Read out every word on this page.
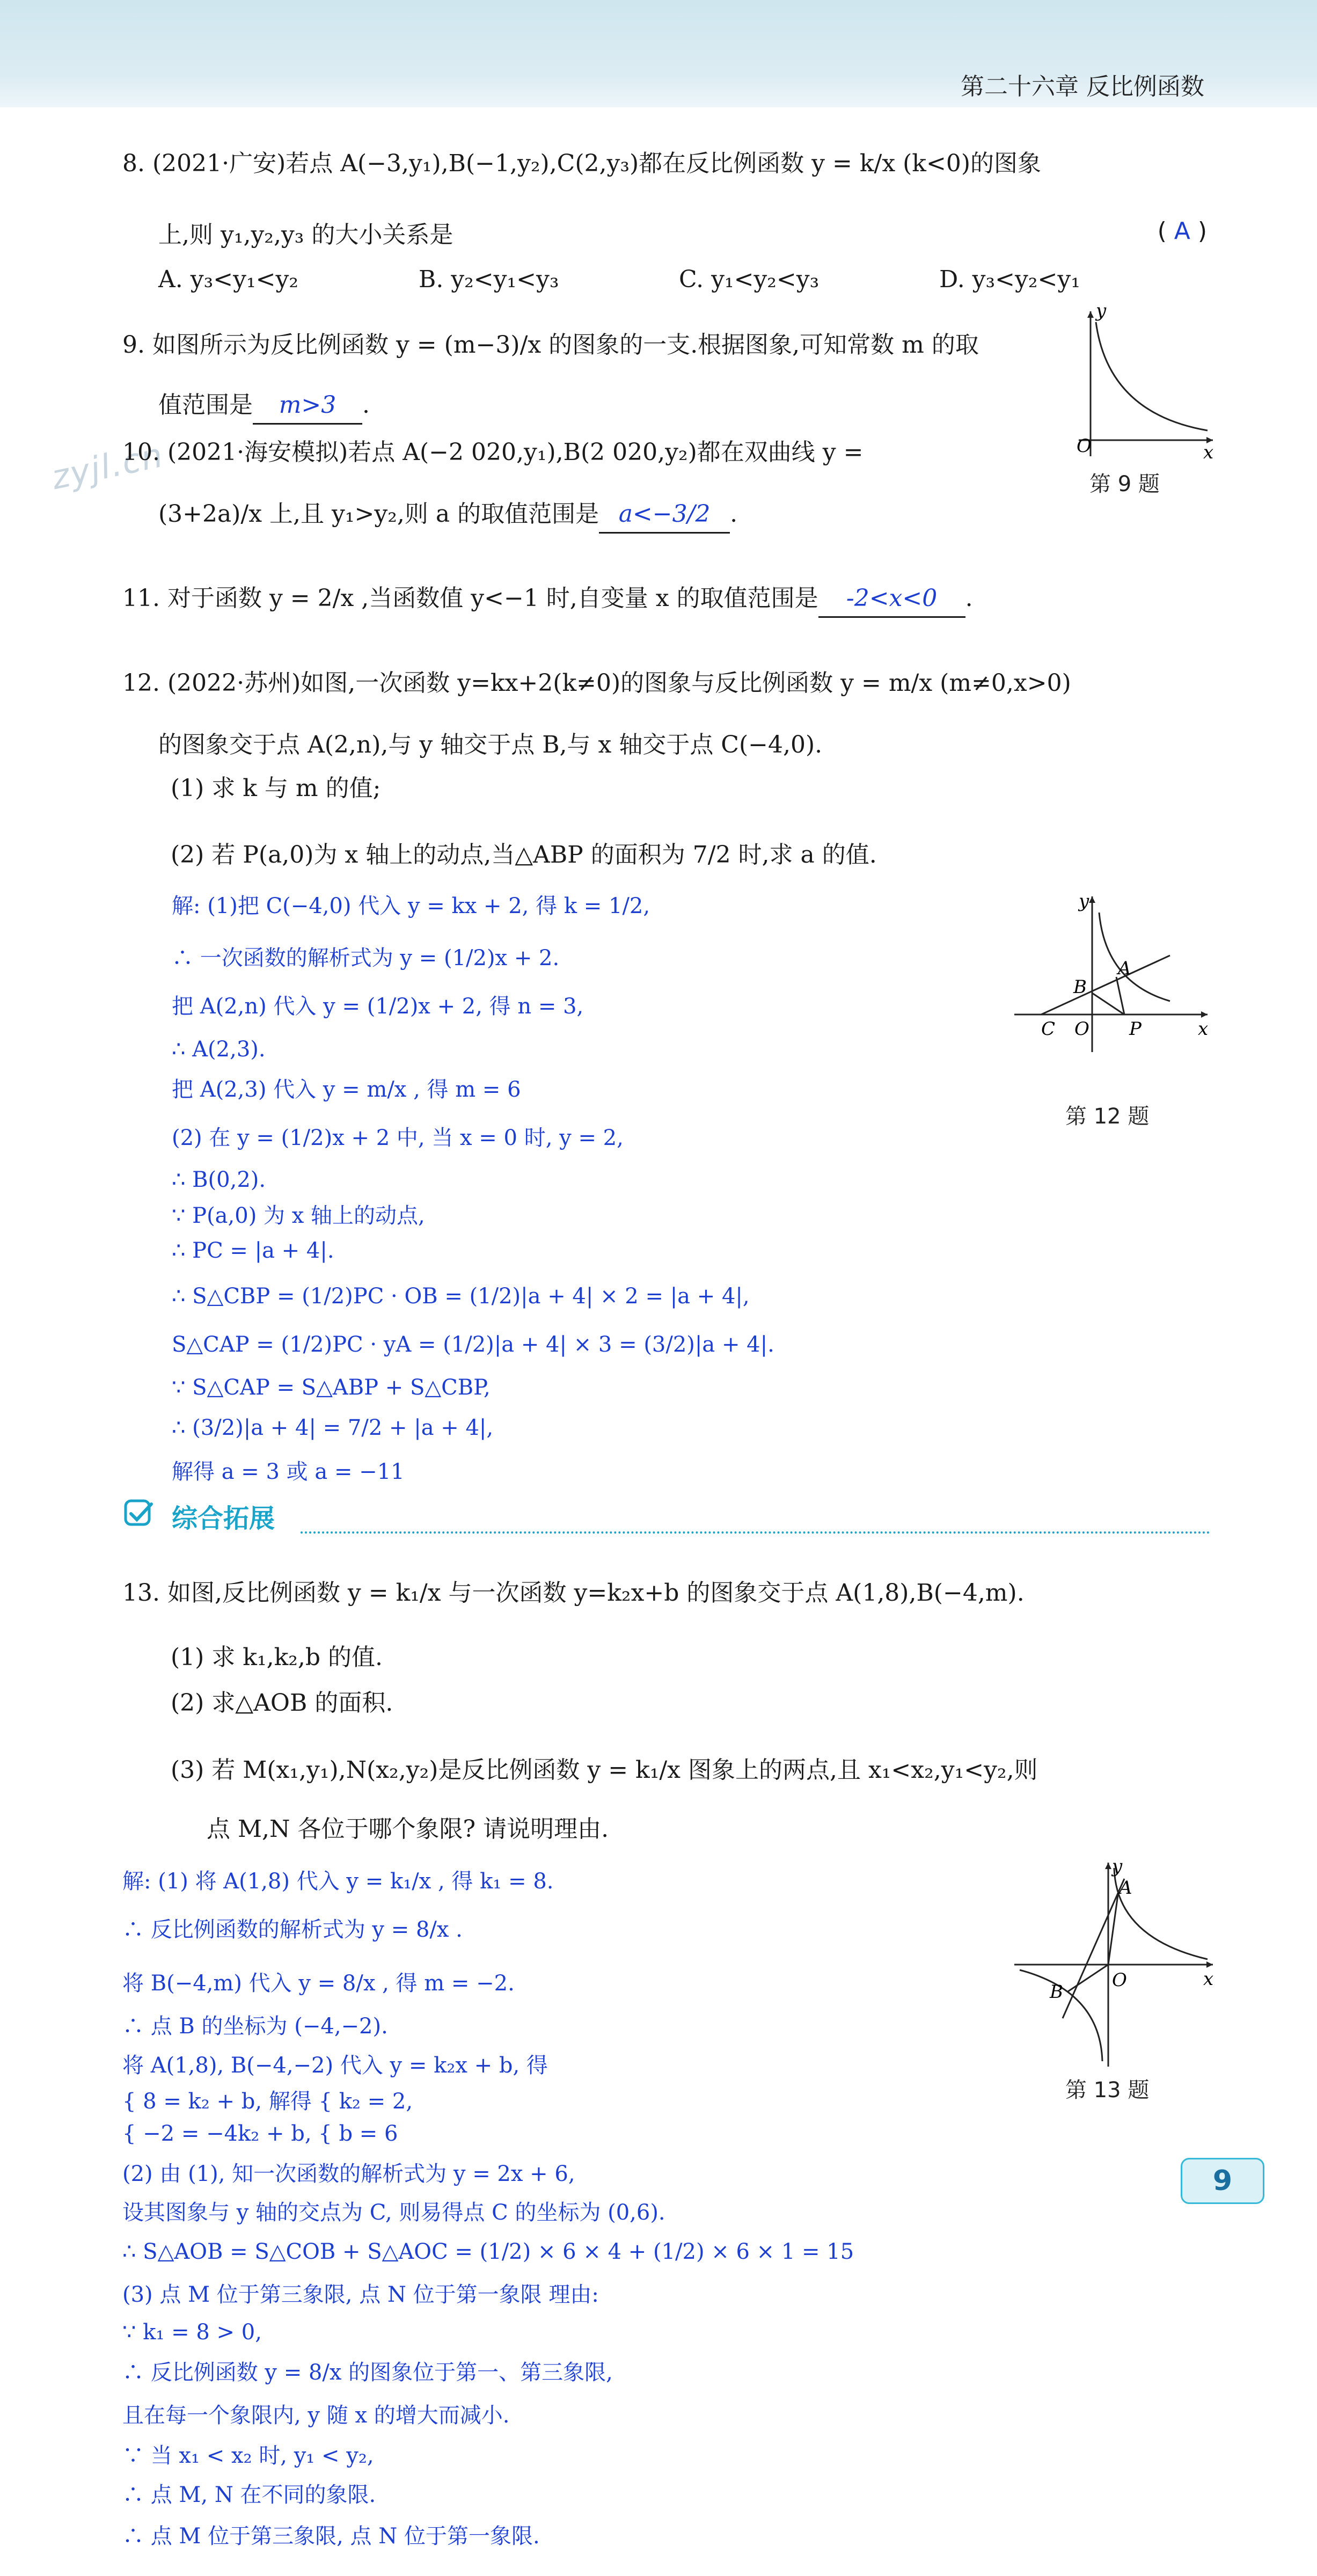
第二十六章 反比例函数
zyjl.cn
8. (2021·广安)若点 A(−3,y₁),B(−1,y₂),C(2,y₃)都在反比例函数 y = k/x (k<0)的图象
上,则 y₁,y₂,y₃ 的大小关系是	( A )
A. y₃<y₁<y₂	B. y₂<y₁<y₃	C. y₁<y₂<y₃	D. y₃<y₂<y₁
9. 如图所示为反比例函数 y = (m−3)/x 的图象的一支.根据图象,可知常数 m 的取
值范围是 m>3 .
O	x
y
第 9 题
10. (2021·海安模拟)若点 A(−2 020,y₁),B(2 020,y₂)都在双曲线 y =
(3+2a)/x 上,且 y₁>y₂,则 a 的取值范围是 a<−3/2 .
11. 对于函数 y = 2/x ,当函数值 y<−1 时,自变量 x 的取值范围是 -2<x<0 .
12. (2022·苏州)如图,一次函数 y=kx+2(k≠0)的图象与反比例函数 y = m/x (m≠0,x>0)
的图象交于点 A(2,n),与 y 轴交于点 B,与 x 轴交于点 C(−4,0).
(1) 求 k 与 m 的值;
(2) 若 P(a,0)为 x 轴上的动点,当△ABP 的面积为 7/2 时,求 a 的值.
解: (1)把 C(−4,0) 代入 y = kx + 2, 得 k = 1/2,
∴ 一次函数的解析式为 y = (1/2)x + 2.
把 A(2,n) 代入 y = (1/2)x + 2, 得 n = 3,
∴ A(2,3).
把 A(2,3) 代入 y = m/x , 得 m = 6
(2) 在 y = (1/2)x + 2 中, 当 x = 0 时, y = 2,
∴ B(0,2).
∵ P(a,0) 为 x 轴上的动点,
∴ PC = |a + 4|.
∴ S△CBP = (1/2)PC · OB = (1/2)|a + 4| × 2 = |a + 4|,
S△CAP = (1/2)PC · yA = (1/2)|a + 4| × 3 = (3/2)|a + 4|.
∵ S△CAP = S△ABP + S△CBP,
∴ (3/2)|a + 4| = 7/2 + |a + 4|,
解得 a = 3 或 a = −11
C O
B
A
P	x
y
第 12 题
综合拓展
13. 如图,反比例函数 y = k₁/x 与一次函数 y=k₂x+b 的图象交于点 A(1,8),B(−4,m).
(1) 求 k₁,k₂,b 的值.
(2) 求△AOB 的面积.
(3) 若 M(x₁,y₁),N(x₂,y₂)是反比例函数 y = k₁/x 图象上的两点,且 x₁<x₂,y₁<y₂,则
点 M,N 各位于哪个象限? 请说明理由.
解: (1) 将 A(1,8) 代入 y = k₁/x , 得 k₁ = 8.
∴ 反比例函数的解析式为 y = 8/x .
将 B(−4,m) 代入 y = 8/x , 得 m = −2.
∴ 点 B 的坐标为 (−4,−2).
将 A(1,8), B(−4,−2) 代入 y = k₂x + b, 得
{ 8 = k₂ + b, 解得 { k₂ = 2,
{ −2 = −4k₂ + b, { b = 6
(2) 由 (1), 知一次函数的解析式为 y = 2x + 6,
设其图象与 y 轴的交点为 C, 则易得点 C 的坐标为 (0,6).
∴ S△AOB = S△COB + S△AOC = (1/2) × 6 × 4 + (1/2) × 6 × 1 = 15
(3) 点 M 位于第三象限, 点 N 位于第一象限 理由:
∵ k₁ = 8 > 0,
∴ 反比例函数 y = 8/x 的图象位于第一、第三象限,
且在每一个象限内, y 随 x 的增大而减小.
∵ 当 x₁ < x₂ 时, y₁ < y₂,
∴ 点 M, N 在不同的象限.
∴ 点 M 位于第三象限, 点 N 位于第一象限.
A
B
O	x
y
第 13 题
9
